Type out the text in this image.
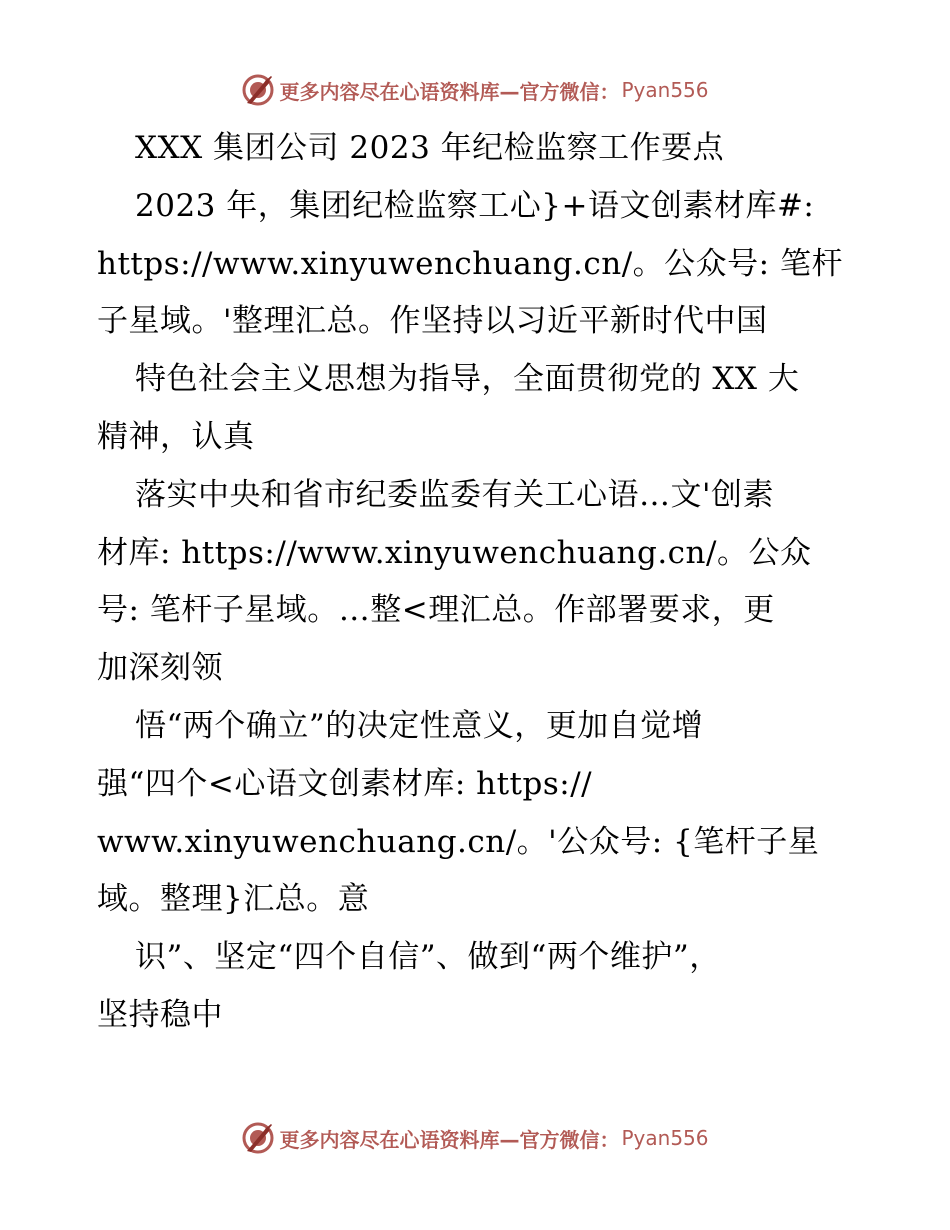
更多内容尽在心语资料库—官方微信： Pyan556
XXX 集团公司 2023 年纪检监察工作要点
2023 年，集团纪检监察工心}+语文创素材库#:
https://www.xinyuwenchuang.cn/。公众号: 笔杆
子星域。'整理汇总。作坚持以习近平新时代中国
特色社会主义思想为指导，全面贯彻党的 XX 大
精神，认真
落实中央和省市纪委监委有关工心语…文'创素
材库: https://www.xinyuwenchuang.cn/。公众
号: 笔杆子星域。…整<理汇总。作部署要求，更
加深刻领
悟“两个确立”的决定性意义，更加自觉增
强“四个<心语文创素材库: https://
www.xinyuwenchuang.cn/。'公众号: {笔杆子星
域。整理}汇总。意
识”、坚定“四个自信”、做到“两个维护”，
坚持稳中
更多内容尽在心语资料库—官方微信： Pyan556
